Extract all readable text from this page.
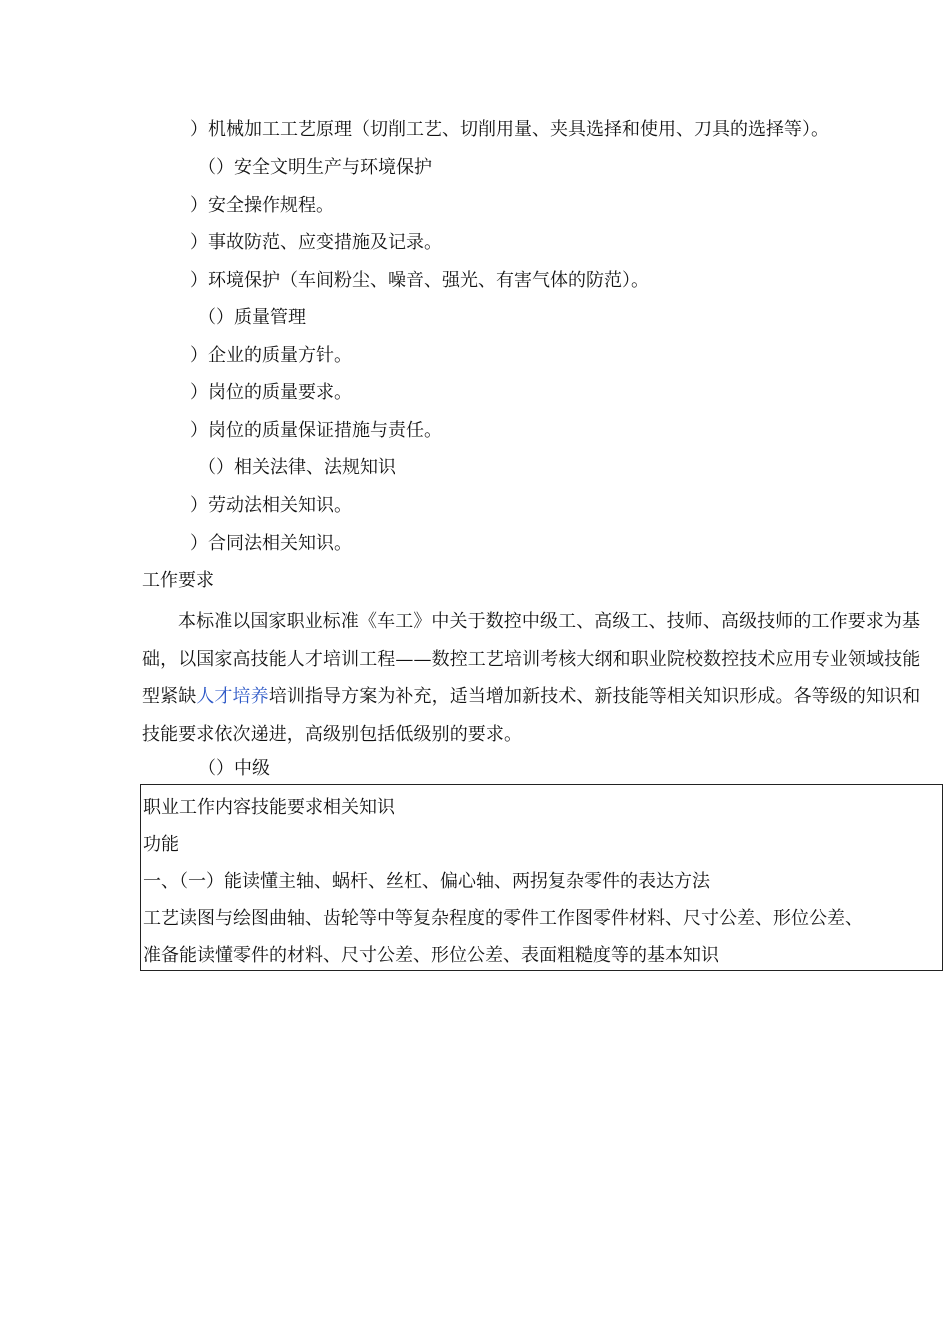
）机械加工工艺原理（切削工艺、切削用量、夹具选择和使用、刀具的选择等）。
（）安全文明生产与环境保护
）安全操作规程。
）事故防范、应变措施及记录。
）环境保护（车间粉尘、噪音、强光、有害气体的防范）。
（）质量管理
）企业的质量方针。
）岗位的质量要求。
）岗位的质量保证措施与责任。
（）相关法律、法规知识
）劳动法相关知识。
）合同法相关知识。
工作要求
本标准以国家职业标准《车工》中关于数控中级工、高级工、技师、高级技师的工作要求为基础，以国家高技能人才培训工程——数控工艺培训考核大纲和职业院校数控技术应用专业领域技能型紧缺人才培养培训指导方案为补充，适当增加新技术、新技能等相关知识形成。各等级的知识和技能要求依次递进，高级别包括低级别的要求。
（）中级
职业工作内容技能要求相关知识
功能
一、（一）能读懂主轴、蜗杆、丝杠、偏心轴、两拐复杂零件的表达方法
工艺读图与绘图曲轴、齿轮等中等复杂程度的零件工作图零件材料、尺寸公差、形位公差、
准备能读懂零件的材料、尺寸公差、形位公差、表面粗糙度等的基本知识
